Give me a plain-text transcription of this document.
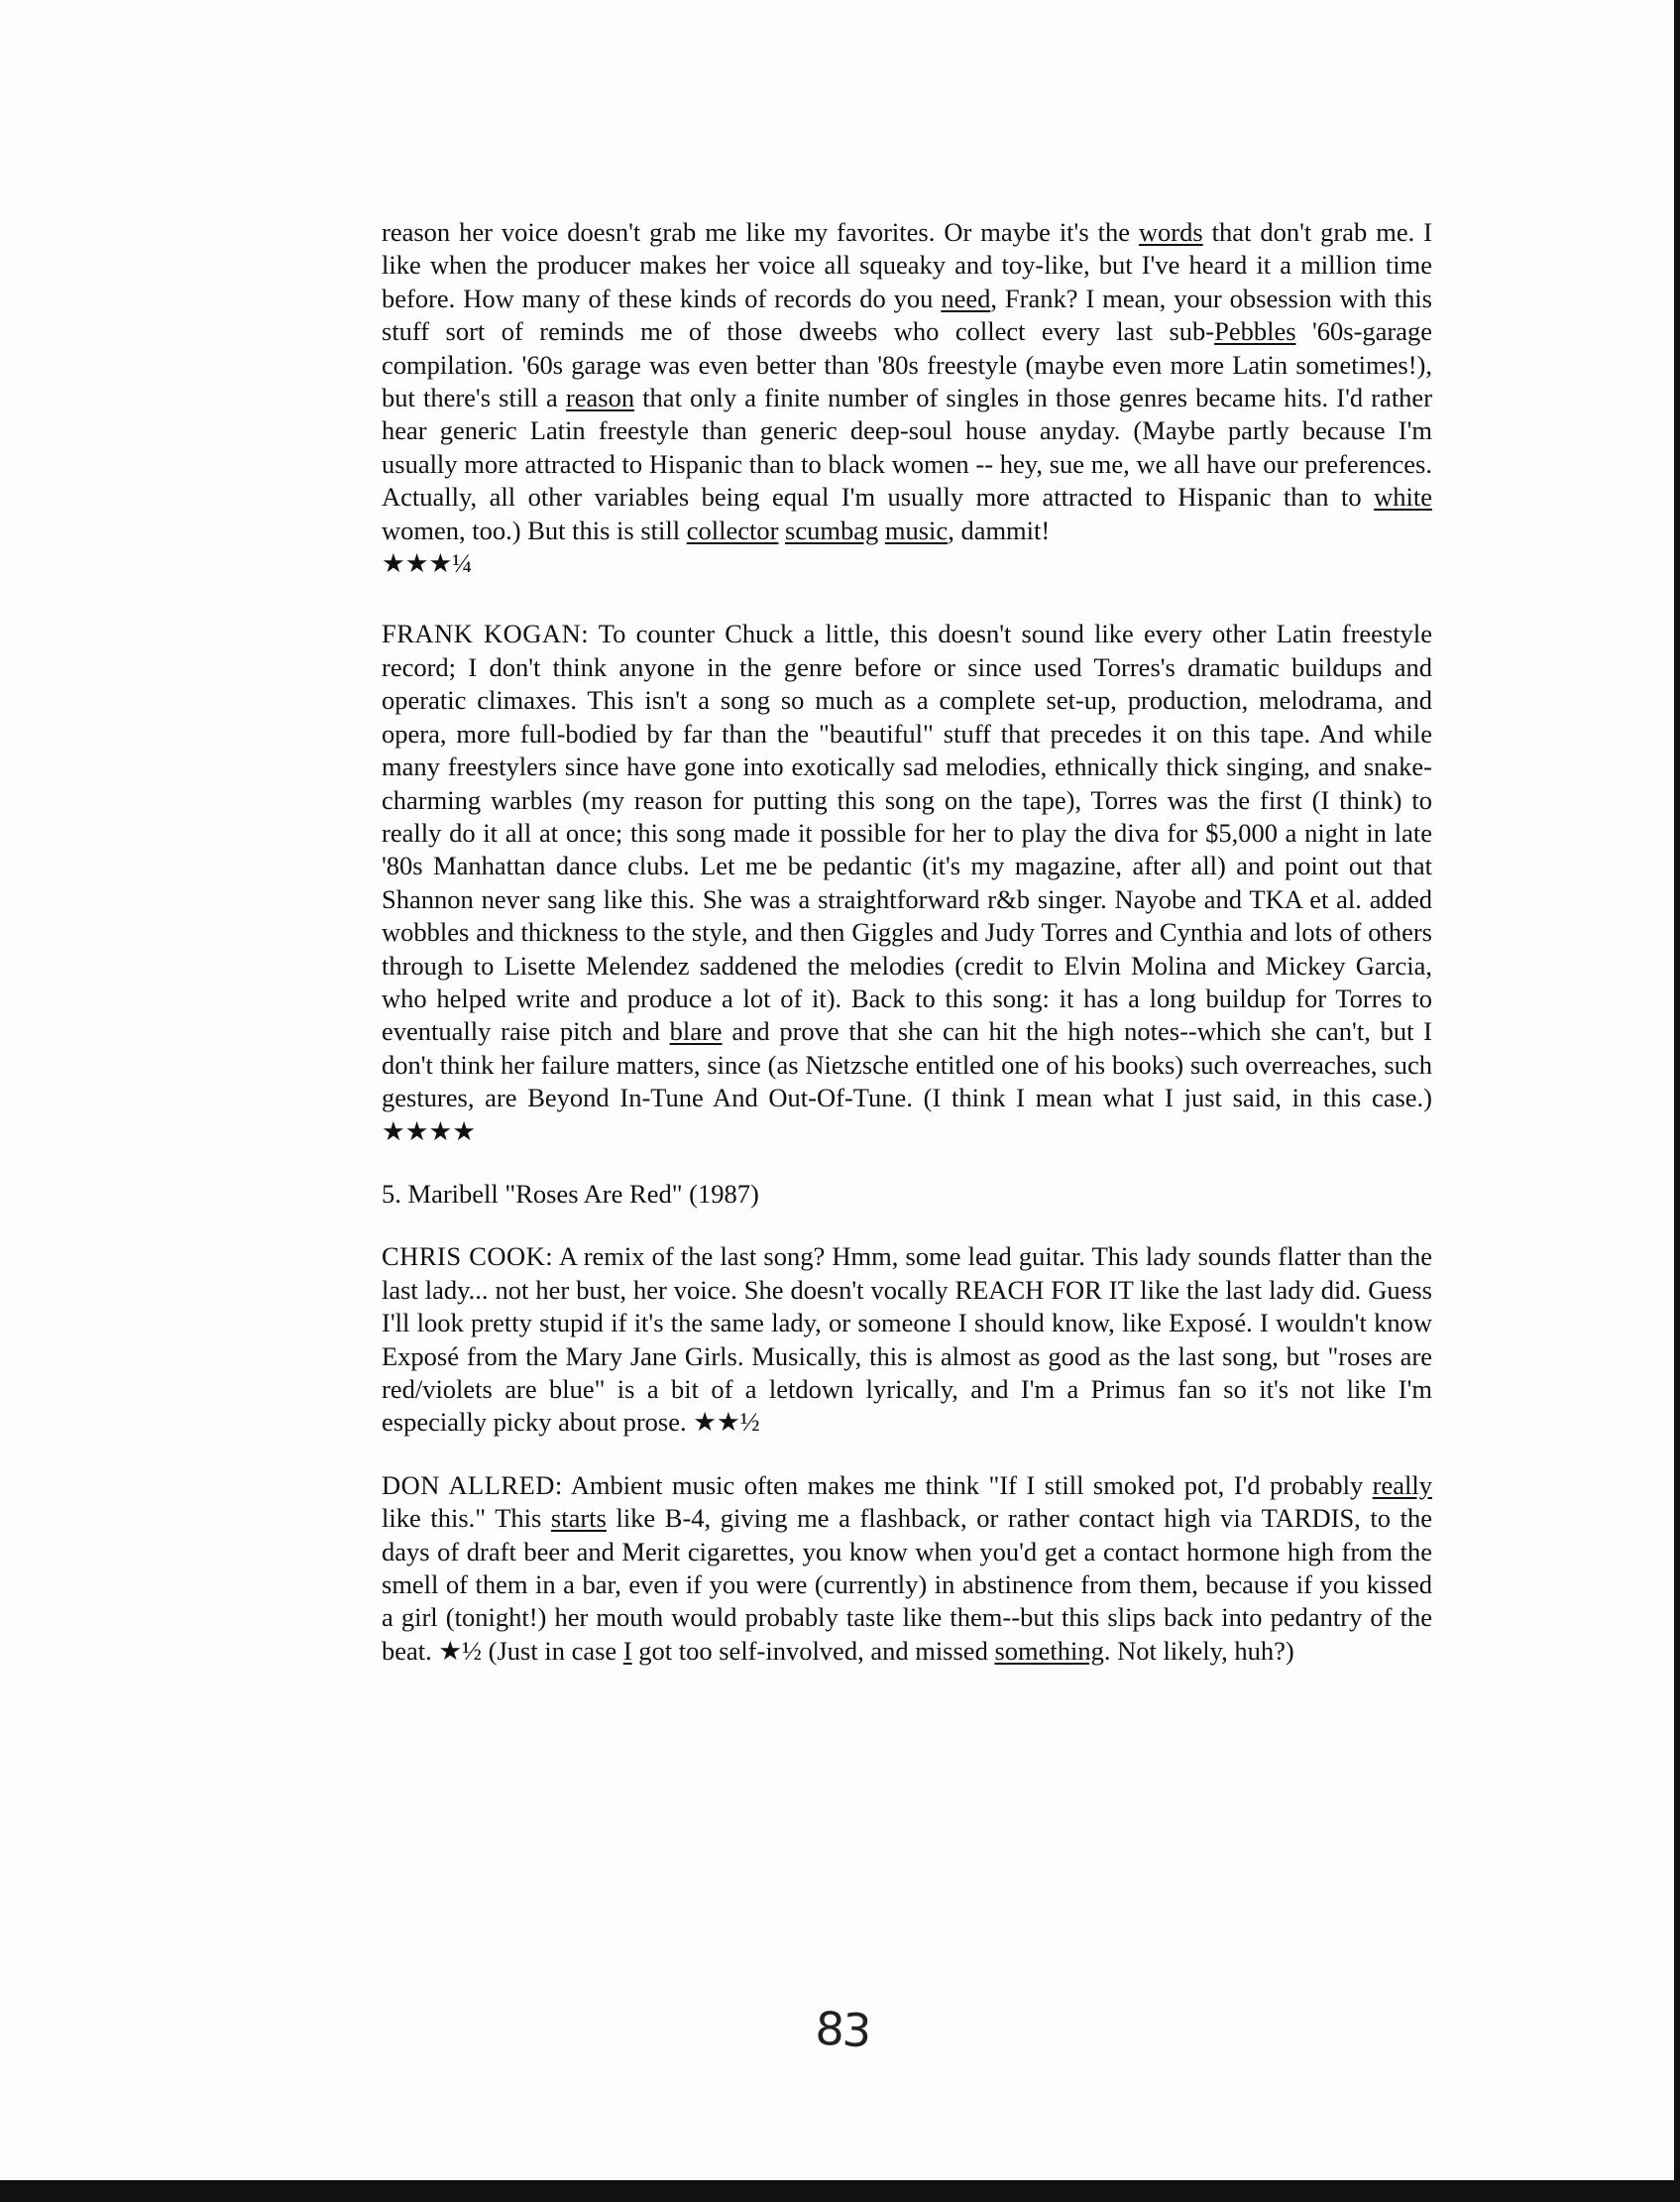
reason her voice doesn't grab me like my favorites. Or maybe it's the words that don't grab me. I like when the producer makes her voice all squeaky and toy-like, but I've heard it a million time before. How many of these kinds of records do you need, Frank? I mean, your obsession with this stuff sort of reminds me of those dweebs who collect every last sub-Pebbles '60s-garage compilation. '60s garage was even better than '80s freestyle (maybe even more Latin sometimes!), but there's still a reason that only a finite number of singles in those genres became hits. I'd rather hear generic Latin freestyle than generic deep-soul house anyday. (Maybe partly because I'm usually more attracted to Hispanic than to black women -- hey, sue me, we all have our preferences. Actually, all other variables being equal I'm usually more attracted to Hispanic than to white women, too.) But this is still collector scumbag music, dammit!
★★★¼

FRANK KOGAN: To counter Chuck a little, this doesn't sound like every other Latin freestyle record; I don't think anyone in the genre before or since used Torres's dramatic buildups and operatic climaxes. This isn't a song so much as a complete set-up, production, melodrama, and opera, more full-bodied by far than the "beautiful" stuff that precedes it on this tape. And while many freestylers since have gone into exotically sad melodies, ethnically thick singing, and snake-charming warbles (my reason for putting this song on the tape), Torres was the first (I think) to really do it all at once; this song made it possible for her to play the diva for $5,000 a night in late '80s Manhattan dance clubs. Let me be pedantic (it's my magazine, after all) and point out that Shannon never sang like this. She was a straightforward r&b singer. Nayobe and TKA et al. added wobbles and thickness to the style, and then Giggles and Judy Torres and Cynthia and lots of others through to Lisette Melendez saddened the melodies (credit to Elvin Molina and Mickey Garcia, who helped write and produce a lot of it). Back to this song: it has a long buildup for Torres to eventually raise pitch and blare and prove that she can hit the high notes--which she can't, but I don't think her failure matters, since (as Nietzsche entitled one of his books) such overreaches, such gestures, are Beyond In-Tune And Out-Of-Tune. (I think I mean what I just said, in this case.) ★★★★

5. Maribell "Roses Are Red" (1987)

CHRIS COOK: A remix of the last song? Hmm, some lead guitar. This lady sounds flatter than the last lady... not her bust, her voice. She doesn't vocally REACH FOR IT like the last lady did. Guess I'll look pretty stupid if it's the same lady, or someone I should know, like Exposé. I wouldn't know Exposé from the Mary Jane Girls. Musically, this is almost as good as the last song, but "roses are red/violets are blue" is a bit of a letdown lyrically, and I'm a Primus fan so it's not like I'm especially picky about prose. ★★½

DON ALLRED: Ambient music often makes me think "If I still smoked pot, I'd probably really like this." This starts like B-4, giving me a flashback, or rather contact high via TARDIS, to the days of draft beer and Merit cigarettes, you know when you'd get a contact hormone high from the smell of them in a bar, even if you were (currently) in abstinence from them, because if you kissed a girl (tonight!) her mouth would probably taste like them--but this slips back into pedantry of the beat. ★½ (Just in case I got too self-involved, and missed something. Not likely, huh?)

83
